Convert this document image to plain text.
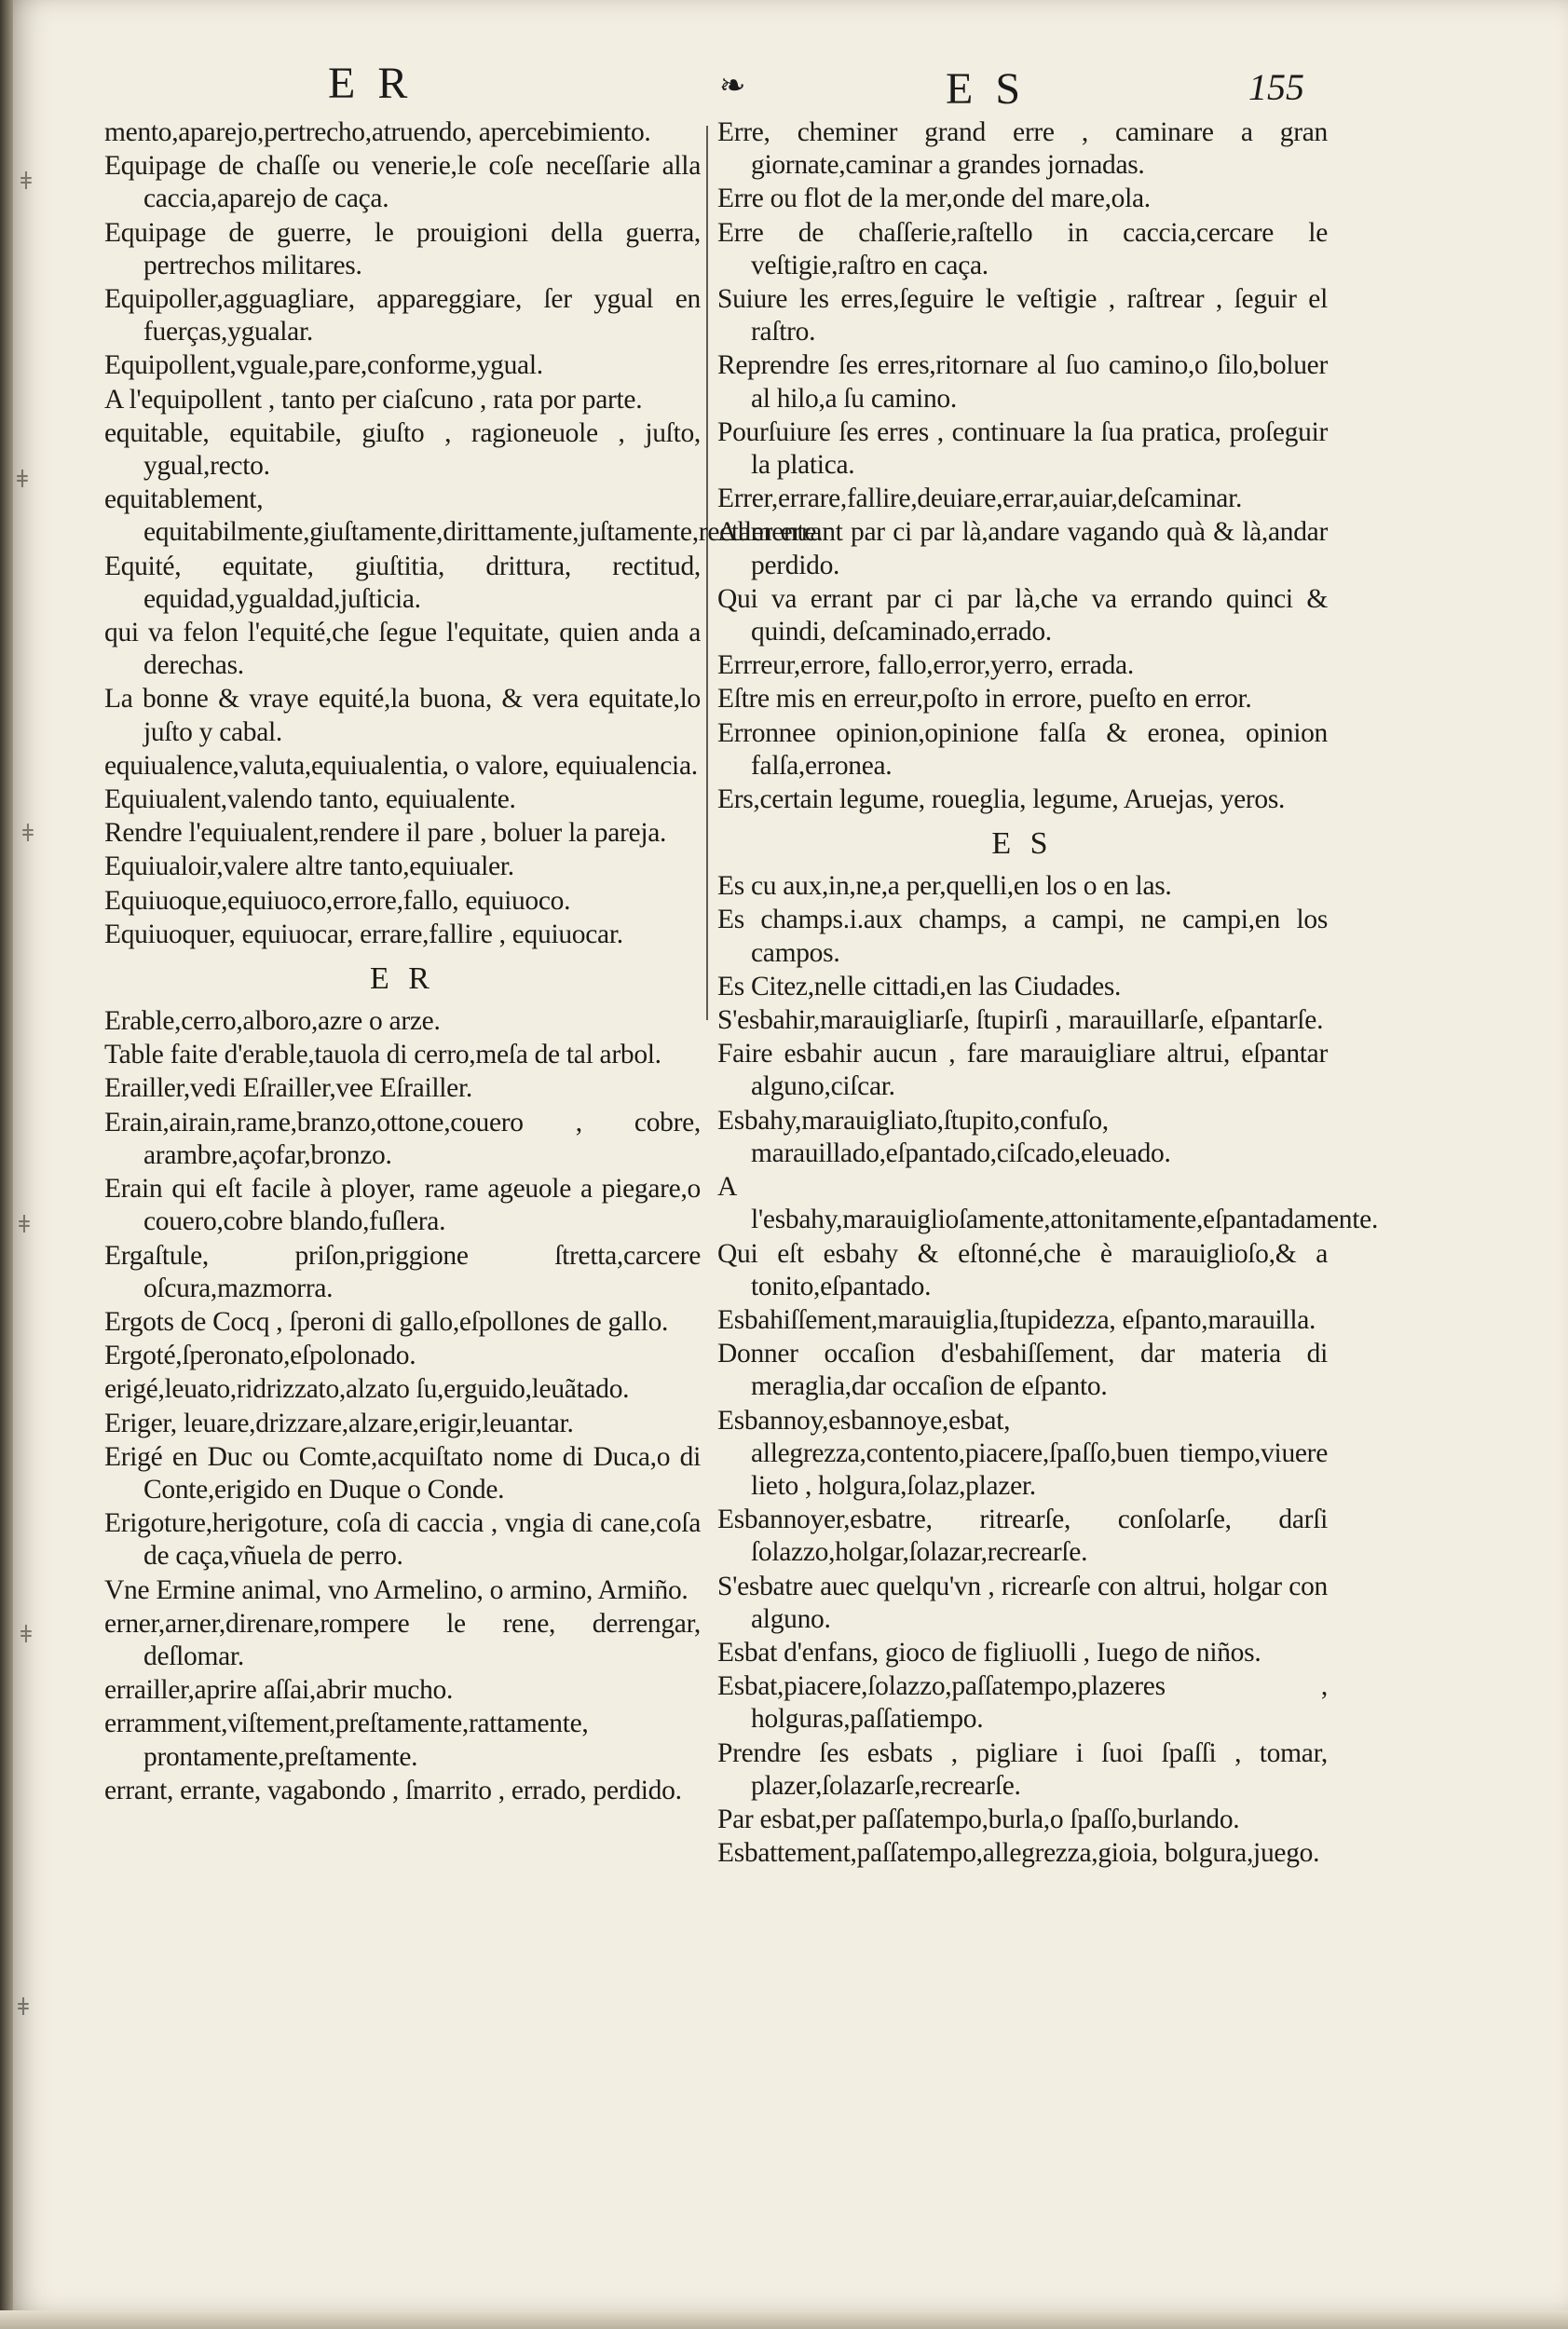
E R	❧	E S	155

mento,aparejo,pertrecho,atruendo, apercebimiento.

Equipage de chaſſe ou venerie,le coſe neceſſarie alla caccia,aparejo de caça.

Equipage de guerre, le prouigioni della guerra, pertrechos militares.

Equipoller,agguagliare, appareggiare, ſer ygual en fuerças,ygualar.

Equipollent,vguale,pare,conforme,ygual.

A l'equipollent , tanto per ciaſcuno , rata por parte.

equitable, equitabile, giuſto , ragioneuole , juſto, ygual,recto.

equitablement, equitabilmente,giuſtamente,dirittamente,juſtamente,rectamente.

Equité, equitate, giuſtitia, drittura, rectitud, equidad,ygualdad,juſticia.

qui va felon l'equité,che ſegue l'equitate, quien anda a derechas.

La bonne & vraye equité,la buona, & vera equitate,lo juſto y cabal.

equiualence,valuta,equiualentia, o valore, equiualencia.

Equiualent,valendo tanto, equiualente.

Rendre l'equiualent,rendere il pare , boluer la pareja.

Equiualoir,valere altre tanto,equiualer.

Equiuoque,equiuoco,errore,fallo, equiuoco.

Equiuoquer, equiuocar, errare,fallire , equiuocar.

E R

Erable,cerro,alboro,azre o arze.

Table faite d'erable,tauola di cerro,meſa de tal arbol.

Erailler,vedi Eſrailler,vee Eſrailler.

Erain,airain,rame,branzo,ottone,couero , cobre, arambre,açofar,bronzo.

Erain qui eſt facile à ployer, rame ageuole a piegare,o couero,cobre blando,fuſlera.

Ergaſtule, priſon,priggione ſtretta,carcere oſcura,mazmorra.

Ergots de Cocq , ſperoni di gallo,eſpollones de gallo.

Ergoté,ſperonato,eſpolonado.

erigé,leuato,ridrizzato,alzato ſu,erguido,leuãtado.

Eriger, leuare,drizzare,alzare,erigir,leuantar.

Erigé en Duc ou Comte,acquiſtato nome di Duca,o di Conte,erigido en Duque o Conde.

Erigoture,herigoture, coſa di caccia , vngia di cane,coſa de caça,vñuela de perro.

Vne Ermine animal, vno Armelino, o armino, Armiño.

erner,arner,direnare,rompere le rene, derrengar, deſlomar.

errailler,aprire aſſai,abrir mucho.

erramment,viſtement,preſtamente,rattamente, prontamente,preſtamente.

errant, errante, vagabondo , ſmarrito , errado, perdido.

Erre, cheminer grand erre , caminare a gran giornate,caminar a grandes jornadas.

Erre ou flot de la mer,onde del mare,ola.

Erre de chaſſerie,raſtello in caccia,cercare le veſtigie,raſtro en caça.

Suiure les erres,ſeguire le veſtigie , raſtrear , ſeguir el raſtro.

Reprendre ſes erres,ritornare al ſuo camino,o ſilo,boluer al hilo,a ſu camino.

Pourſuiure ſes erres , continuare la ſua pratica, proſeguir la platica.

Errer,errare,fallire,deuiare,errar,auiar,deſcaminar.

Aller errant par ci par là,andare vagando quà & là,andar perdido.

Qui va errant par ci par là,che va errando quinci & quindi, deſcaminado,errado.

Errreur,errore, fallo,error,yerro, errada.

Eſtre mis en erreur,poſto in errore, pueſto en error.

Erronnee opinion,opinione falſa & eronea, opinion falſa,erronea.

Ers,certain legume, roueglia, legume, Aruejas, yeros.

E S

Es cu aux,in,ne,a per,quelli,en los o en las.

Es champs.i.aux champs, a campi, ne campi,en los campos.

Es Citez,nelle cittadi,en las Ciudades.

S'esbahir,marauigliarſe, ſtupirſi , marauillarſe, eſpantarſe.

Faire esbahir aucun , fare marauigliare altrui, eſpantar alguno,ciſcar.

Esbahy,marauigliato,ſtupito,confuſo, marauillado,eſpantado,ciſcado,eleuado.

A l'esbahy,marauiglioſamente,attonitamente,eſpantadamente.

Qui eſt esbahy & eſtonné,che è marauiglioſo,& a tonito,eſpantado.

Esbahiſſement,marauiglia,ſtupidezza, eſpanto,marauilla.

Donner occaſion d'esbahiſſement, dar materia di meraglia,dar occaſion de eſpanto.

Esbannoy,esbannoye,esbat, allegrezza,contento,piacere,ſpaſſo,buen tiempo,viuere lieto , holgura,ſolaz,plazer.

Esbannoyer,esbatre, ritrearſe, conſolarſe, darſi ſolazzo,holgar,ſolazar,recrearſe.

S'esbatre auec quelqu'vn , ricrearſe con altrui, holgar con alguno.

Esbat d'enfans, gioco de figliuolli , Iuego de niños.

Esbat,piacere,ſolazzo,paſſatempo,plazeres , holguras,paſſatiempo.

Prendre ſes esbats , pigliare i ſuoi ſpaſſi , tomar, plazer,ſolazarſe,recrearſe.

Par esbat,per paſſatempo,burla,o ſpaſſo,burlando.

Esbattement,paſſatempo,allegrezza,gioia, bolgura,juego.

ǂ
ǂ
ǂ
ǂ
ǂ
ǂ
